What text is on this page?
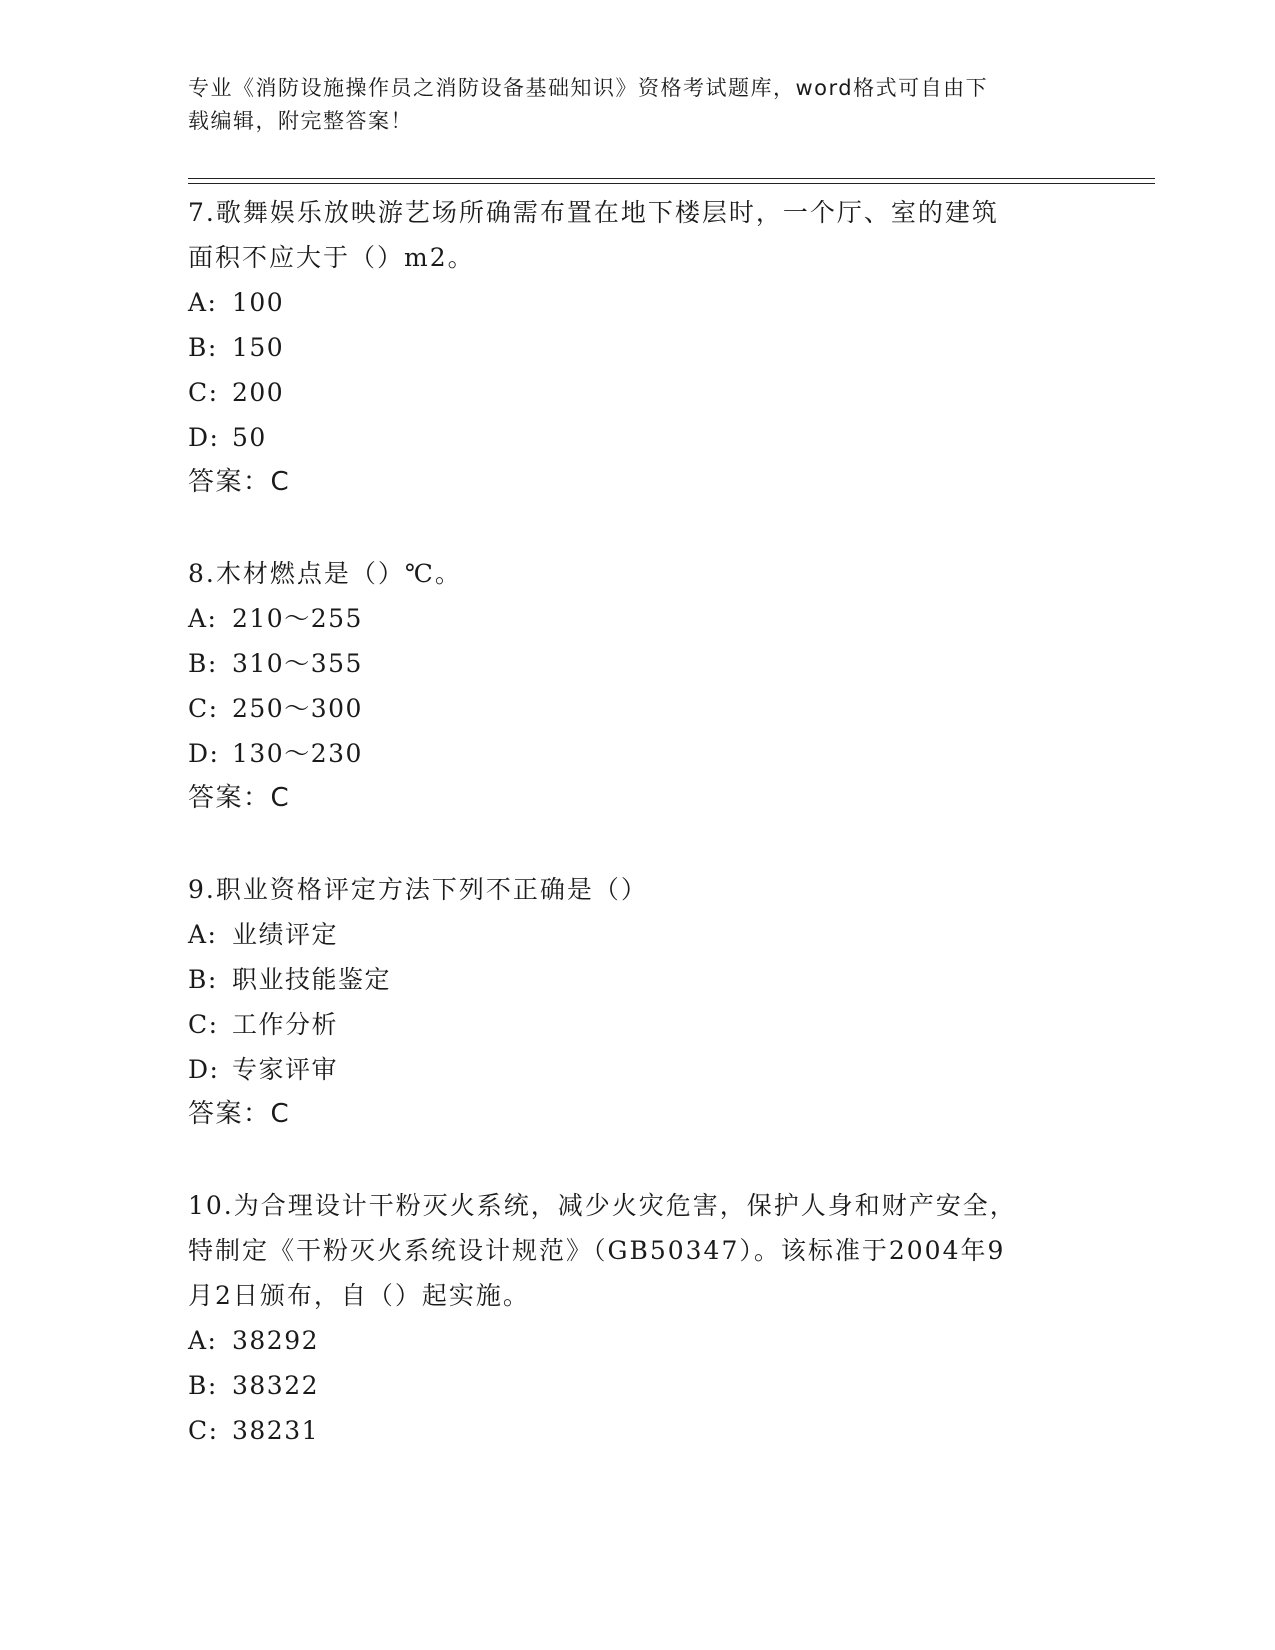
专业《消防设施操作员之消防设备基础知识》资格考试题库，word格式可自由下
载编辑，附完整答案！

7.歌舞娱乐放映游艺场所确需布置在地下楼层时，一个厅、室的建筑

面积不应大于（）m2。

A: 100

B: 150

C: 200

D: 50

答案：C

8.木材燃点是（）℃。

A: 210～255

B: 310～355

C: 250～300

D: 130～230

答案：C

9.职业资格评定方法下列不正确是（）

A: 业绩评定

B: 职业技能鉴定

C: 工作分析

D: 专家评审

答案：C

10.为合理设计干粉灭火系统，减少火灾危害，保护人身和财产安全，

特制定《干粉灭火系统设计规范》（GB50347）。该标准于2004年9

月2日颁布，自（）起实施。

A: 38292

B: 38322

C: 38231
